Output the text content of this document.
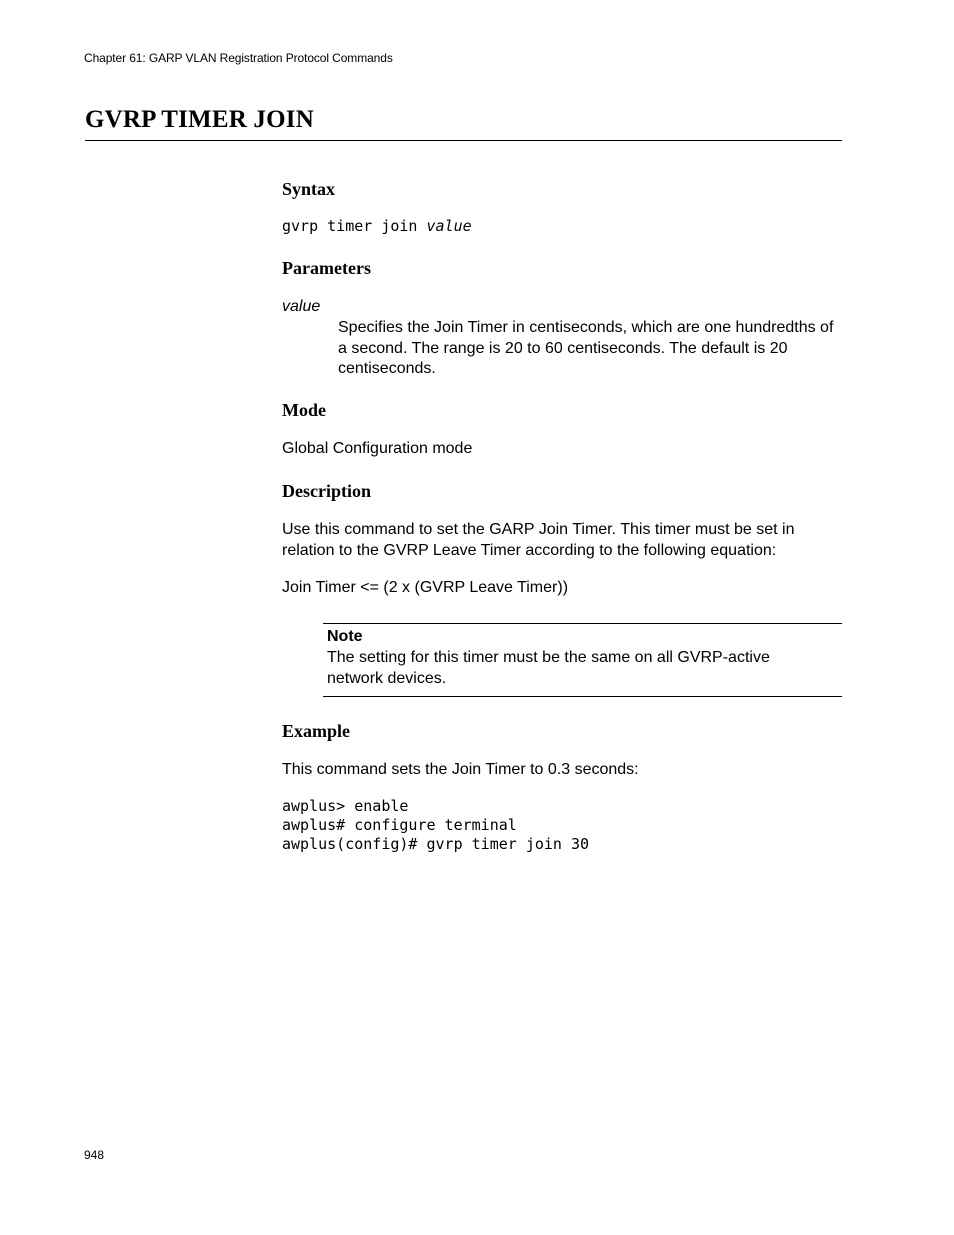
Chapter 61: GARP VLAN Registration Protocol Commands
GVRP TIMER JOIN
Syntax
gvrp timer join value
Parameters
value
Specifies the Join Timer in centiseconds, which are one hundredths of a second. The range is 20 to 60 centiseconds. The default is 20 centiseconds.
Mode
Global Configuration mode
Description
Use this command to set the GARP Join Timer. This timer must be set in relation to the GVRP Leave Timer according to the following equation:
Join Timer <= (2 x (GVRP Leave Timer))
Note
The setting for this timer must be the same on all GVRP-active network devices.
Example
This command sets the Join Timer to 0.3 seconds:
awplus> enable
awplus# configure terminal
awplus(config)# gvrp timer join 30
948
